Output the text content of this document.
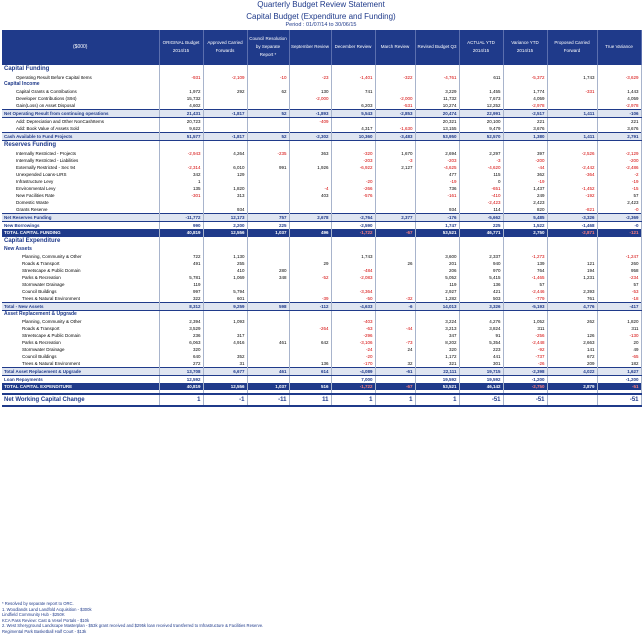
Quarterly Budget Review Statement
Capital Budget (Expenditure and Funding)
Period : 01/07/14 to 30/06/15
($000)	ORIGINAL Budget 2014/15	Approved Carried Forwards	Council Resolution by Separate Report *	September Review	December Review	March Review	Revised Budget Q3	ACTUAL YTD 2014/15	Variance YTD 2014/15	Proposed Carried Forward	True Variance
Capital Funding											
Operating Result Before Capital Items	-931	-2,109	-10	-23	-1,401	-322	-4,761	611	-5,372	1,743	-3,629
Capital Income											
Capital Grants & Contributions	1,972	292	62	130	741		3,229	1,455	1,774	-331	1,443
Developer Contributions (S94)	15,732			-2,000		-2,000	11,732	7,673	4,059		4,059
Gain(Loss) on Asset Disposal	4,602				6,203	-531	10,274	12,252	-2,978		-2,978
Net Operating Result from continuing operations	21,431	-1,817	52	-1,893	5,543	-2,853	20,474	22,991	-2,517	1,411	-106
Add: Depreciation and Other NonCashItems	20,723			-409			20,321	20,100	221		221
Add: Book Value of Assets Sold	9,622				4,317	-1,630	13,155	9,479	3,676		3,676
Cash Available to Fund Projects	51,577	-1,817	52	-2,302	10,360	-3,483	53,950	52,570	1,380	1,411	2,791
Reserves Funding											
Internally Restricted - Projects	-2,943	4,264	-235	363	-320	1,670	2,694	2,297	397	-2,526	-2,129
Internally Restricted - Liabilities					-203	-3	-203	-3	-200		-200
Externally Restricted - Sec 94	-2,314	6,010	991	1,926	-6,922	2,127	-4,625	-4,620	-44	-2,442	-2,486
Unexpended Loans-LIRS	342	129					477	115	362	-364	-2
Infrastructure Levy	1				-20		-19	0	-19		-19
Environmental Levy	135	1,820		-4	-266		736	-651	1,437	-1,452	-15
New Facilities Rate	-301	313		403	-576		-161	-410	249	-192	57
Domestic Waste								-2,423	2,423		2,423
Grants Reserve		934					934	114	820	-821	-0
Net Reserves Funding	-11,772	12,173	757	2,678	-2,764	2,377	-176	-5,662	5,485	-3,326	-2,369
New Borrowings	990	2,200	225		-2,590		1,747	225	1,522	-1,468	-0
TOTAL CAPITAL FUNDING	40,819	12,556	1,037	496	-1,722	-67	53,521	46,771	2,750	-2,871	-121
Capital Expenditure											
New Assets											
Planning, Community & Other	722	1,130			1,743		3,600	2,337	-1,273		-1,247
Roads & Transport	491	255		29		26	201	940	139	121	260
Streetscape & Public Domain		410	280		-484		206	970	764	194	958
Parks & Recreation	5,781	1,069	348	-52	-2,083		5,052	5,415	-1,465	1,231	-234
Stormwater Drainage	119						119	136	57		57
Council Buildings	997	5,794			-3,364		2,927	421	-2,446	2,393	-53
Trees & Natural Environment	322	601		-39	-50	-32	1,282	503	-779	761	-18
Total - New Assets	8,312	9,259	598	-112	-4,633	-6	14,013	3,326	-5,193	4,776	-417
Asset Replacement & Upgrade											
Planning, Community & Other	2,394	1,093			-403		3,224	4,276	1,052	262	1,820
Roads & Transport	3,529			-264	-63	-44	3,213	3,824	311		311
Streetscape & Public Domain	236	317			-296		347	91	-256	126	-130
Parks & Recreation	6,063	4,916	461	642	-3,106	-73	8,202	5,354	-2,448	2,663	20
Stormwater Drainage	320				-24	24	320	223	-92	141	49
Council Buildings	640	352			-20		1,172	441	-737	672	-65
Trees & Natural Environment	272	31		136	-170	32	321	301	-26	209	182
Total Asset Replacement & Upgrade	13,708	6,677	461	614	-4,089	-61	22,111	19,715	-2,398	4,022	1,627
Loan Repayments	12,592				7,000		19,592	19,592	-1,200		-1,200
TOTAL CAPITAL EXPENDITURE	40,819	12,556	1,037	516	-1,722	-67	53,521	46,142	-2,750	2,879	-51

Net Working Capital Change	1	-1	-11	11	1	1	1	-51	-51		-51
* Resolved by separate report to ORC.
1. Woodlands Land Landfold Acquisition - $300k
Lindfield Community Hub - $250K
KCA Pass Review: Cast & Vesel Portals - $10k
2. West Sheryground Landscape Masterplan - $53k grant received and $295k loan received transferred to Infrastructure & Facilities Reserve.
Regimental Park Basketball Half Court - $13k
